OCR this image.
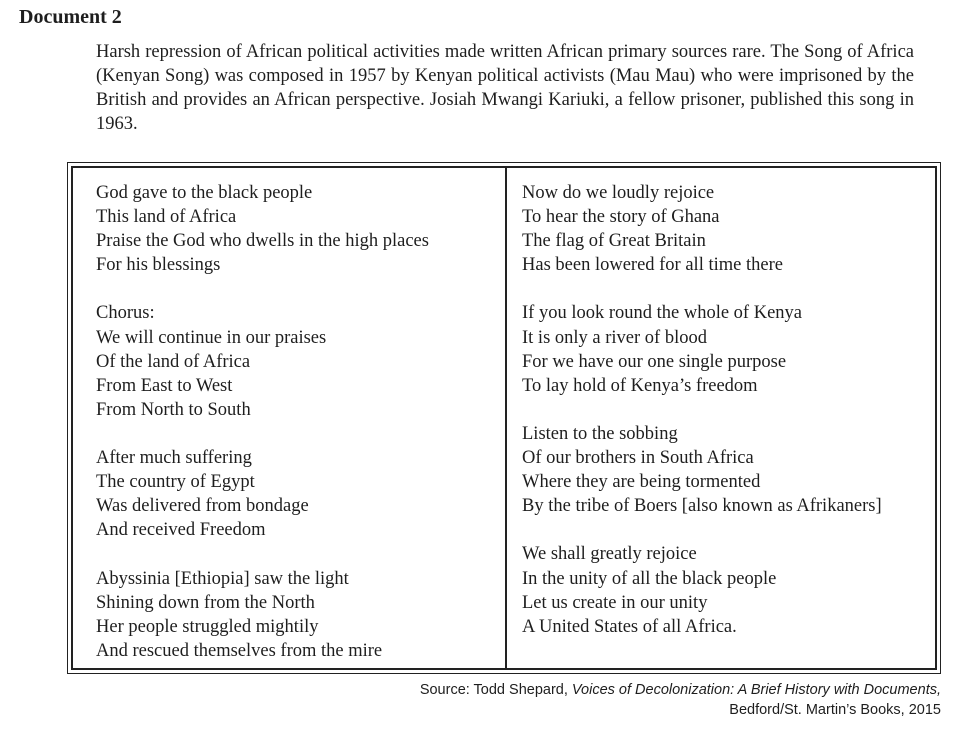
Document 2
Harsh repression of African political activities made written African primary sources rare. The Song of Africa (Kenyan Song) was composed in 1957 by Kenyan political activists (Mau Mau) who were imprisoned by the British and provides an African perspective. Josiah Mwangi Kariuki, a fellow prisoner, published this song in 1963.
God gave to the black people
This land of Africa
Praise the God who dwells in the high places
For his blessings
Chorus:
We will continue in our praises
Of the land of Africa
From East to West
From North to South
After much suffering
The country of Egypt
Was delivered from bondage
And received Freedom
Abyssinia [Ethiopia] saw the light
Shining down from the North
Her people struggled mightily
And rescued themselves from the mire
Now do we loudly rejoice
To hear the story of Ghana
The flag of Great Britain
Has been lowered for all time there
If you look round the whole of Kenya
It is only a river of blood
For we have our one single purpose
To lay hold of Kenya’s freedom
Listen to the sobbing
Of our brothers in South Africa
Where they are being tormented
By the tribe of Boers [also known as Afrikaners]
We shall greatly rejoice
In the unity of all the black people
Let us create in our unity
A United States of all Africa.
Source: Todd Shepard, Voices of Decolonization: A Brief History with Documents,
Bedford/St. Martin’s Books, 2015
